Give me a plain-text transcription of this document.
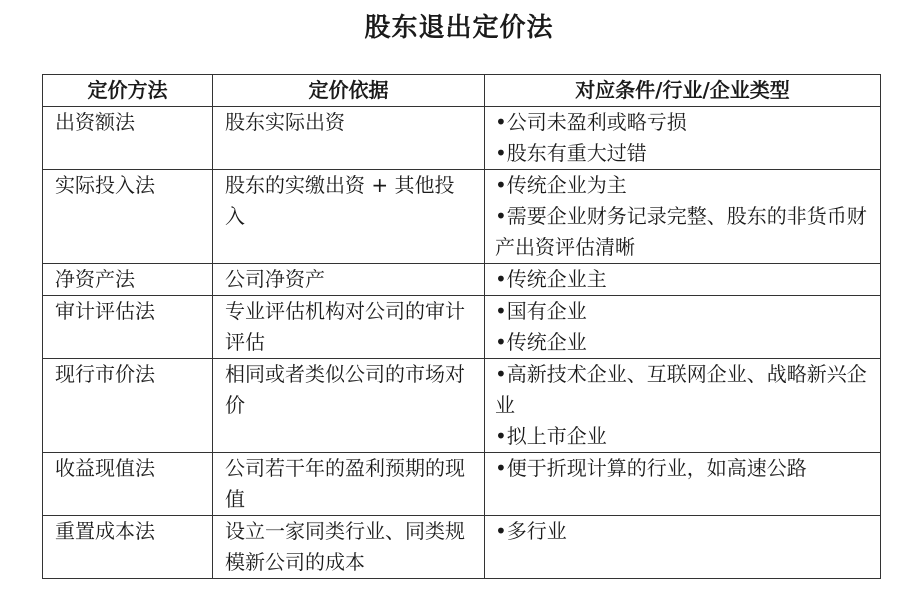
股东退出定价法
定价方法	定价依据	对应条件/行业/企业类型
出资额法	股东实际出资	•公司未盈利或略亏损
•股东有重大过错

实际投入法	股东的实缴出资 + 其他投入	•传统企业为主
•需要企业财务记录完整、股东的非货币财产出资评估清晰

净资产法	公司净资产	•传统企业主

审计评估法	专业评估机构对公司的审计评估	•国有企业
•传统企业

现行市价法	相同或者类似公司的市场对价	•高新技术企业、互联网企业、战略新兴企业
•拟上市企业

收益现值法	公司若干年的盈利预期的现值	•便于折现计算的行业，如高速公路

重置成本法	设立一家同类行业、同类规模新公司的成本	•多行业
